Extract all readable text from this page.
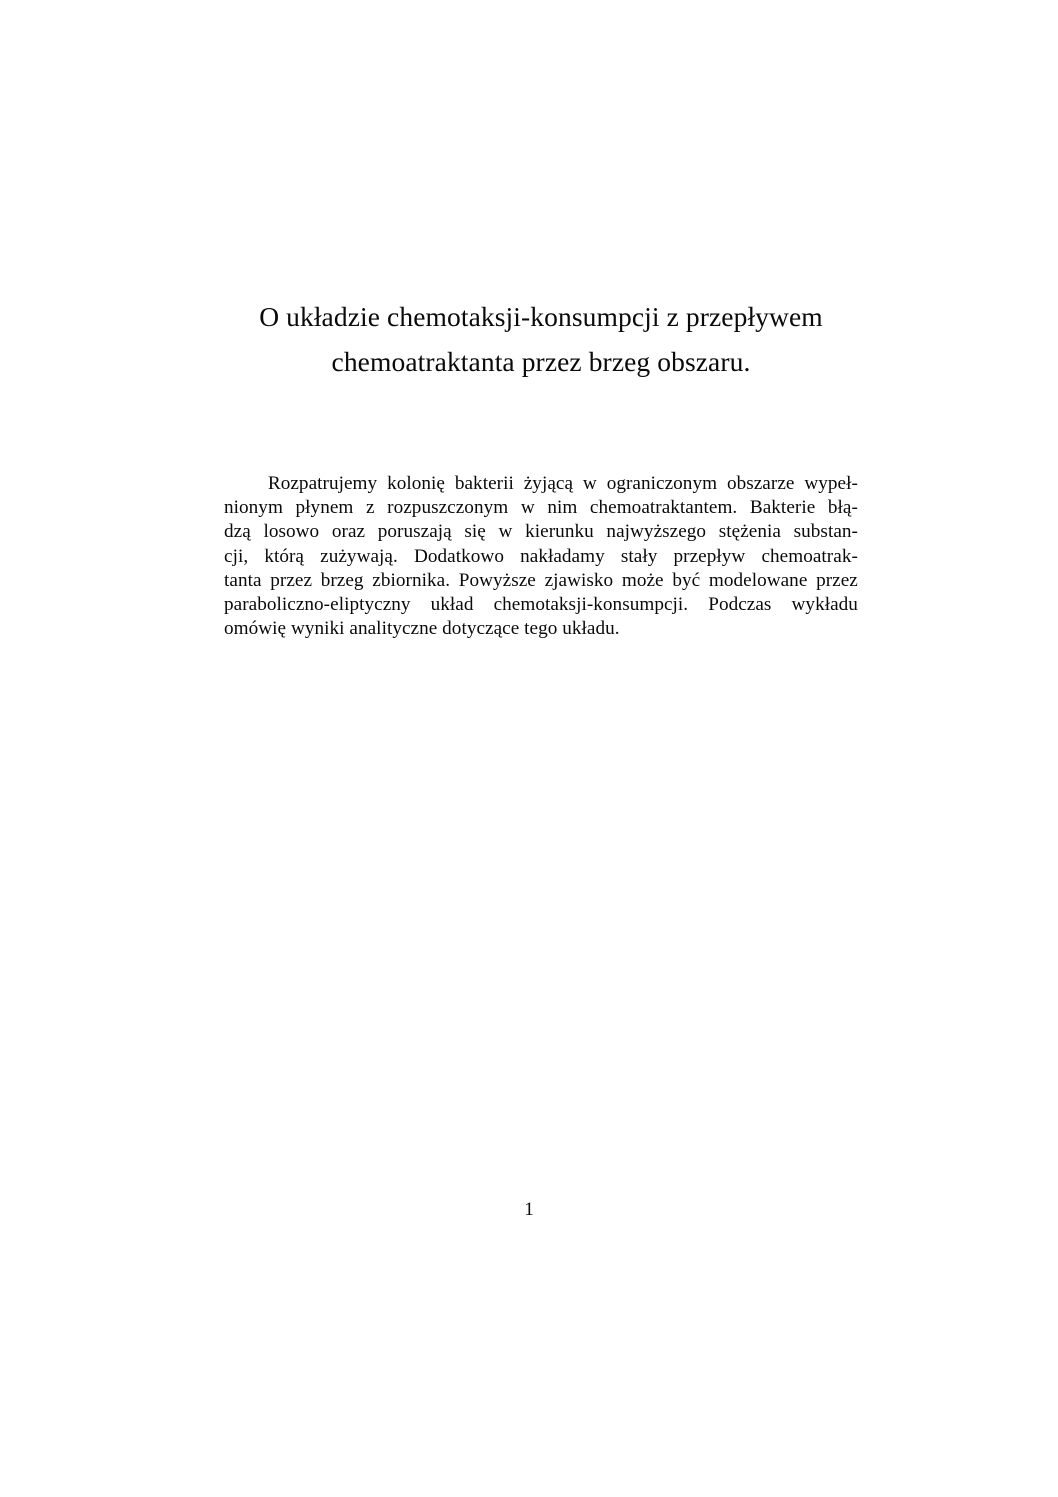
O układzie chemotaksji-konsumpcji z przepływem
chemoatraktanta przez brzeg obszaru.
Rozpatrujemy kolonię bakterii żyjącą w ograniczonym obszarze wypeł-
nionym płynem z rozpuszczonym w nim chemoatraktantem. Bakterie błą-
dzą losowo oraz poruszają się w kierunku najwyższego stężenia substan-
cji, którą zużywają. Dodatkowo nakładamy stały przepływ chemoatrak-
tanta przez brzeg zbiornika. Powyższe zjawisko może być modelowane przez
paraboliczno-eliptyczny układ chemotaksji-konsumpcji. Podczas wykładu
omówię wyniki analityczne dotyczące tego układu.
1
